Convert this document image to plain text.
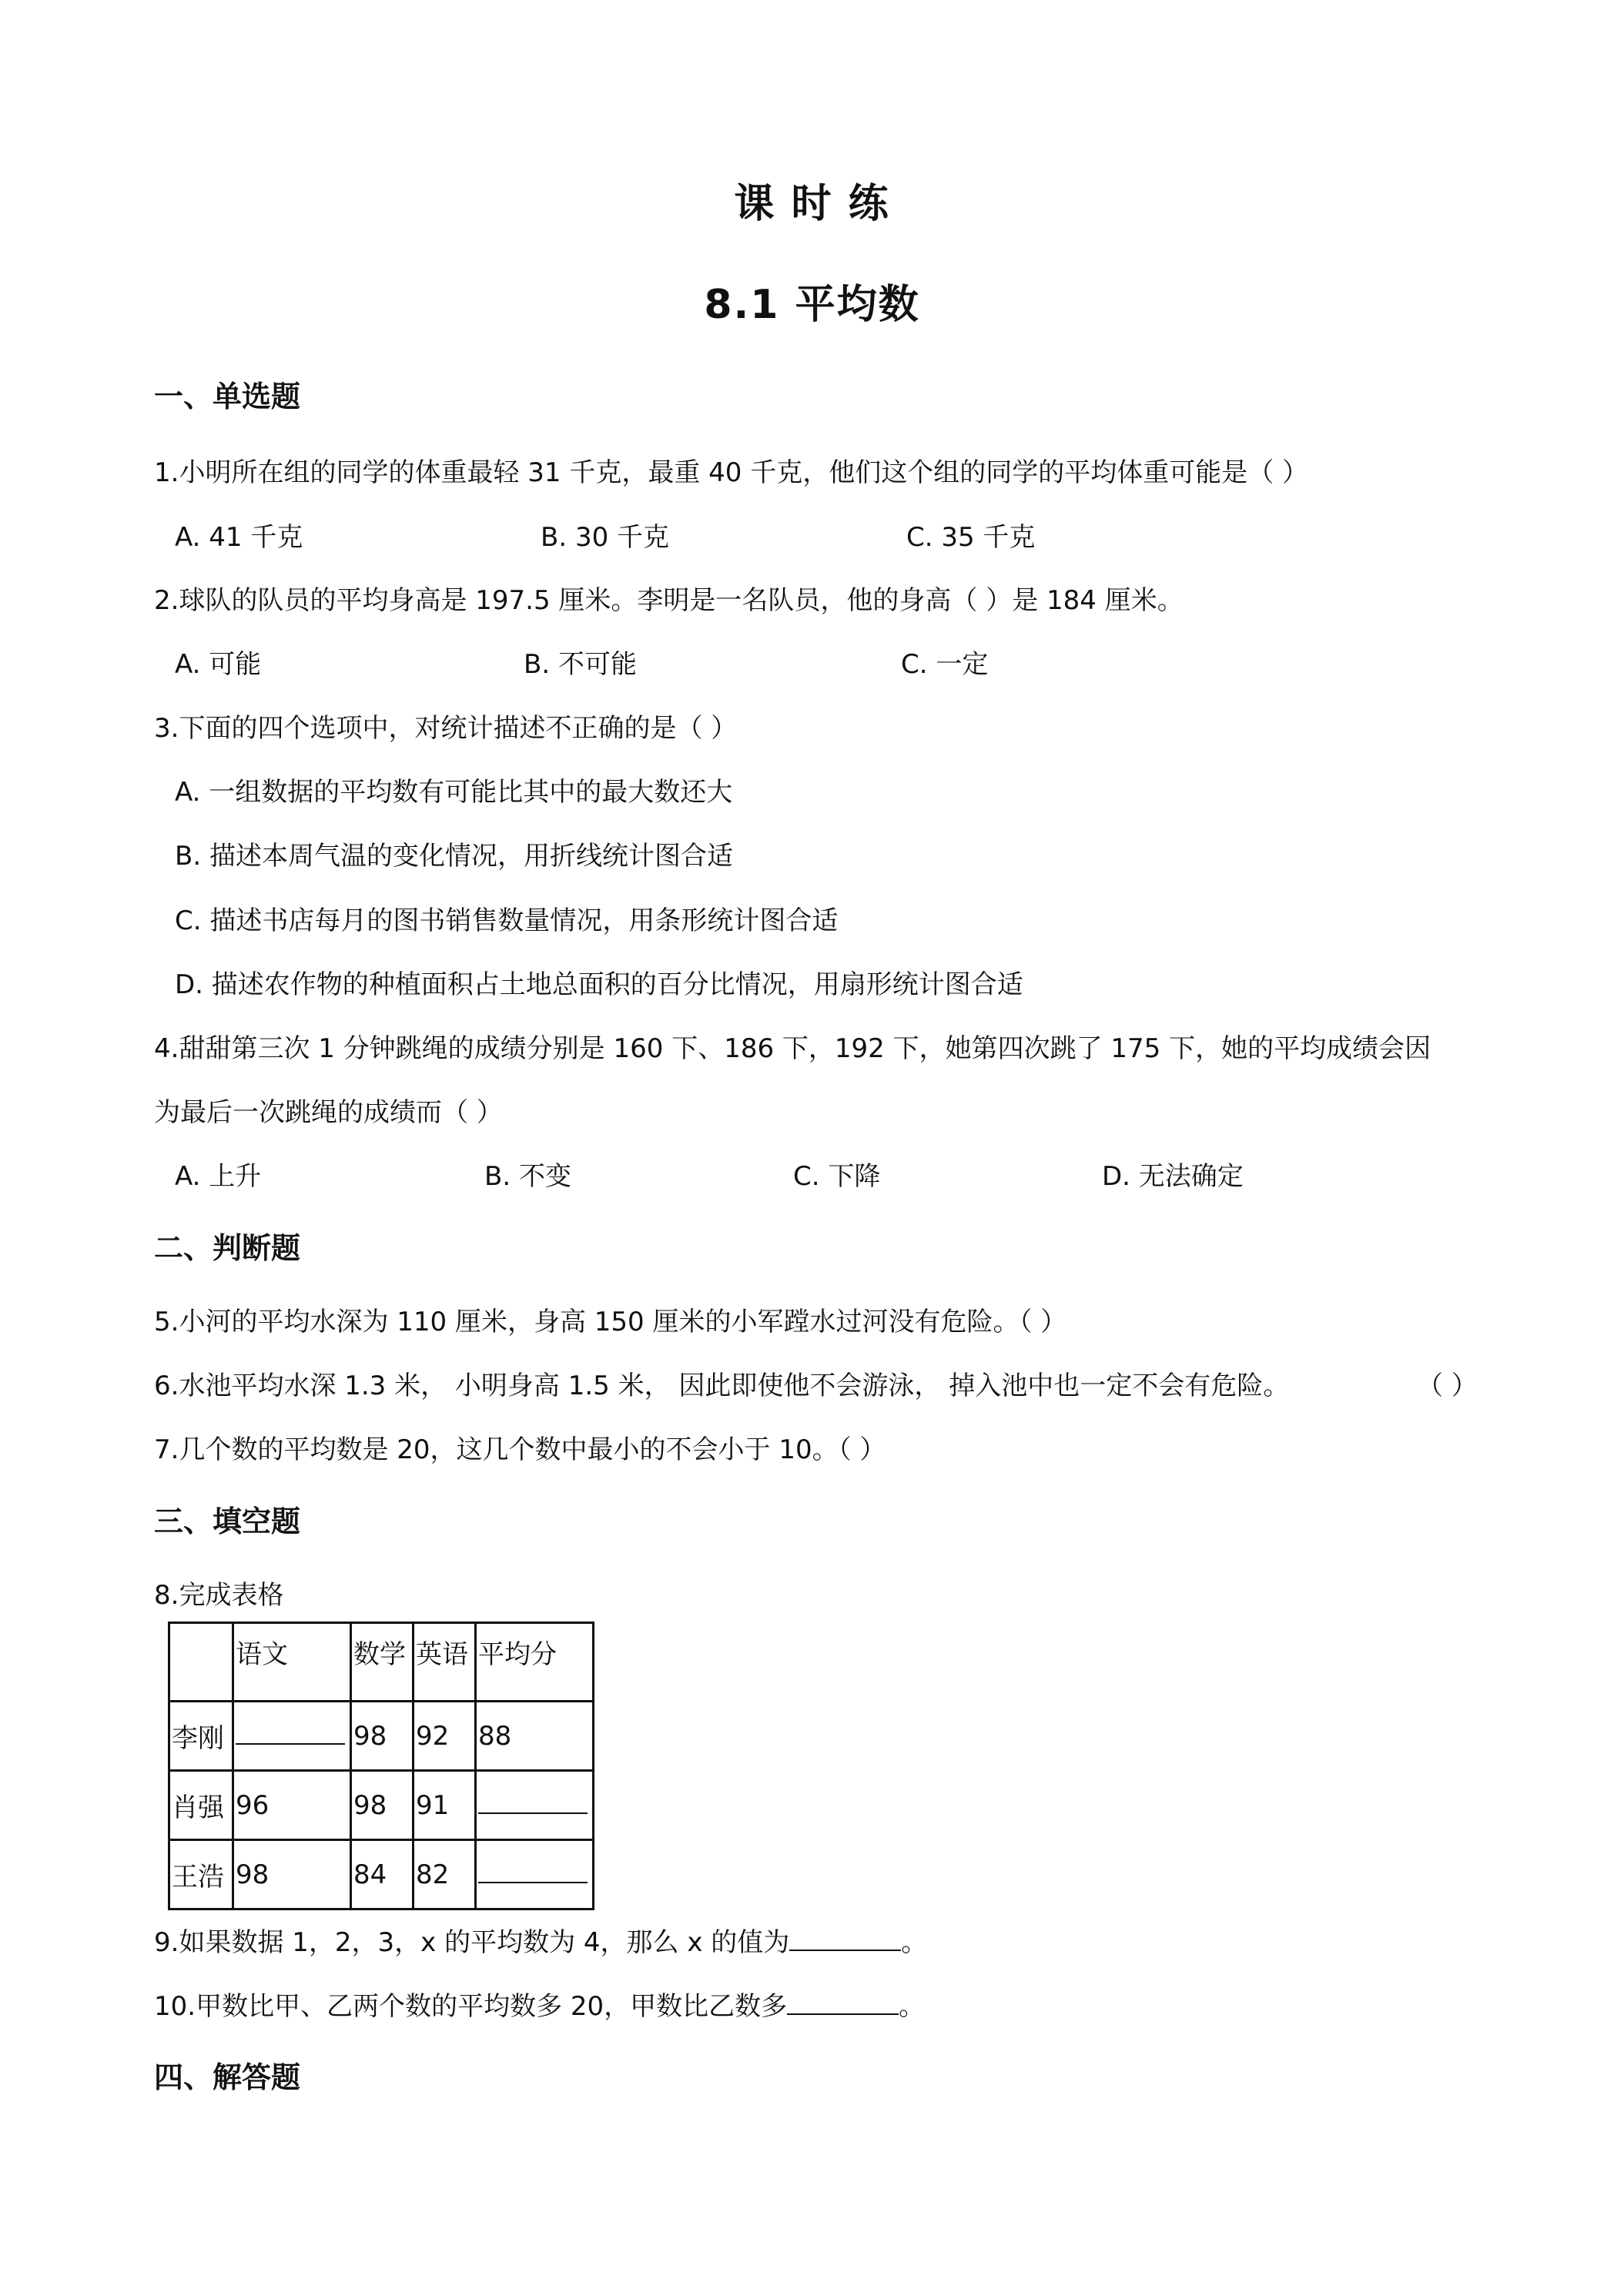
课 时 练
8.1 平均数
一、单选题
1.小明所在组的同学的体重最轻 31 千克，最重 40 千克，他们这个组的同学的平均体重可能是（ ）
A. 41 千克	B. 30 千克	C. 35 千克
2.球队的队员的平均身高是 197.5 厘米。李明是一名队员，他的身高（ ）是 184 厘米。
A. 可能	B. 不可能	C. 一定
3.下面的四个选项中，对统计描述不正确的是（ ）
A. 一组数据的平均数有可能比其中的最大数还大
B. 描述本周气温的变化情况，用折线统计图合适
C. 描述书店每月的图书销售数量情况，用条形统计图合适
D. 描述农作物的种植面积占土地总面积的百分比情况，用扇形统计图合适
4.甜甜第三次 1 分钟跳绳的成绩分别是 160 下、186 下，192 下，她第四次跳了 175 下，她的平均成绩会因
为最后一次跳绳的成绩而（ ）
A. 上升	B. 不变	C. 下降	D. 无法确定
二、判断题
5.小河的平均水深为 110 厘米，身高 150 厘米的小军蹚水过河没有危险。（ ）
6.水池平均水深 1.3 米， 小明身高 1.5 米， 因此即使他不会游泳， 掉入池中也一定不会有危险。	（ ）
7.几个数的平均数是 20，这几个数中最小的不会小于 10。（ ）
三、填空题
8.完成表格
	语文	数学	英语	平均分
李刚		98	92	88
肖强	96	98	91	
王浩	98	84	82	
9.如果数据 1，2，3，x 的平均数为 4，那么 x 的值为	。
10.甲数比甲、乙两个数的平均数多 20，甲数比乙数多	。
四、解答题
